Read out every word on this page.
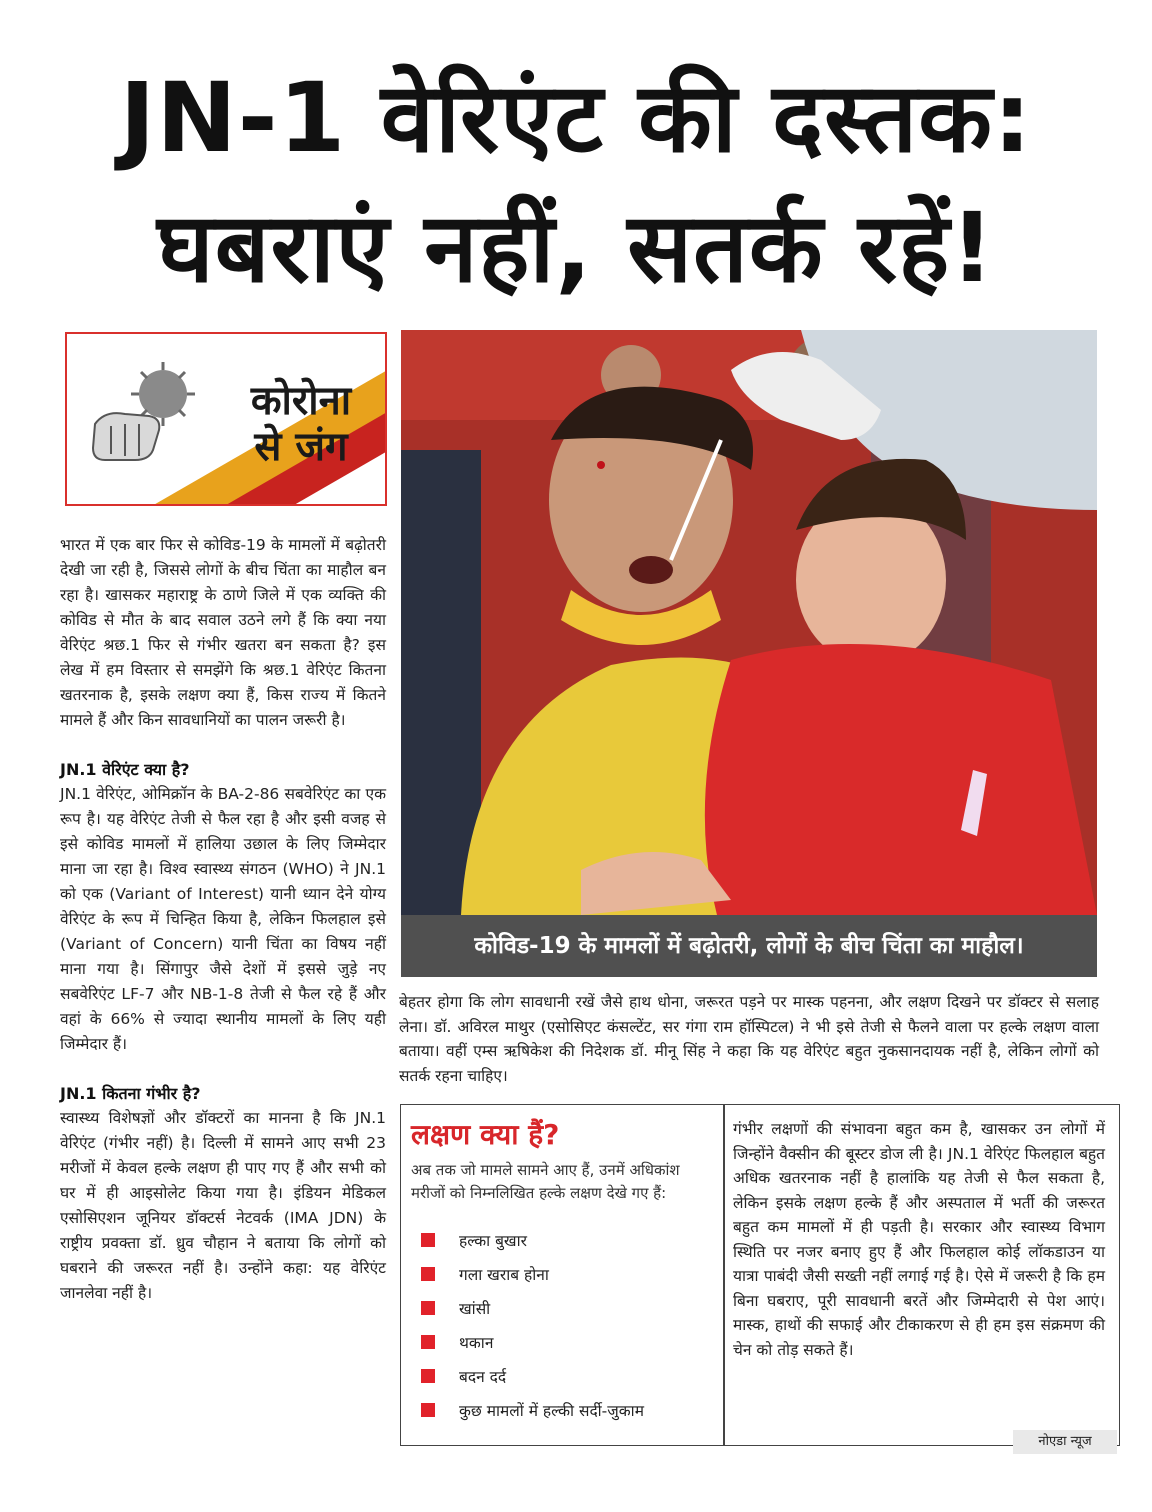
JN-1 वेरिएंट की दस्तक:
घबराएं नहीं, सतर्क रहें!
कोरोना
से जंग

भारत में एक बार फिर से कोविड-19 के मामलों में बढ़ोतरी देखी जा रही है, जिससे लोगों के बीच चिंता का माहौल बन रहा है। खासकर महाराष्ट्र के ठाणे जिले में एक व्यक्ति की कोविड से मौत के बाद सवाल उठने लगे हैं कि क्या नया वेरिएंट श्रछ.1 फिर से गंभीर खतरा बन सकता है? इस लेख में हम विस्तार से समझेंगे कि श्रछ.1 वेरिएंट कितना खतरनाक है, इसके लक्षण क्या हैं, किस राज्य में कितने मामले हैं और किन सावधानियों का पालन जरूरी है।

JN.1 वेरिएंट क्या है?

JN.1 वेरिएंट, ओमिक्रॉन के BA-2-86 सबवेरिएंट का एक रूप है। यह वेरिएंट तेजी से फैल रहा है और इसी वजह से इसे कोविड मामलों में हालिया उछाल के लिए जिम्मेदार माना जा रहा है। विश्व स्वास्थ्य संगठन (WHO) ने JN.1 को एक (Variant of Interest) यानी ध्यान देने योग्य वेरिएंट के रूप में चिन्हित किया है, लेकिन फिलहाल इसे (Variant of Concern) यानी चिंता का विषय नहीं माना गया है। सिंगापुर जैसे देशों में इससे जुड़े नए सबवेरिएंट LF-7 और NB-1-8 तेजी से फैल रहे हैं और वहां के 66% से ज्यादा स्थानीय मामलों के लिए यही जिम्मेदार हैं।

JN.1 कितना गंभीर है?

स्वास्थ्य विशेषज्ञों और डॉक्टरों का मानना है कि JN.1 वेरिएंट (गंभीर नहीं) है। दिल्ली में सामने आए सभी 23 मरीजों में केवल हल्के लक्षण ही पाए गए हैं और सभी को घर में ही आइसोलेट किया गया है। इंडियन मेडिकल एसोसिएशन जूनियर डॉक्टर्स नेटवर्क (IMA JDN) के राष्ट्रीय प्रवक्ता डॉ. ध्रुव चौहान ने बताया कि लोगों को घबराने की जरूरत नहीं है। उन्होंने कहा: यह वेरिएंट जानलेवा नहीं है।

कोविड-19 के मामलों में बढ़ोतरी, लोगों के बीच चिंता का माहौल।
बेहतर होगा कि लोग सावधानी रखें जैसे हाथ धोना, जरूरत पड़ने पर मास्क पहनना, और लक्षण दिखने पर डॉक्टर से सलाह लेना। डॉ. अविरल माथुर (एसोसिएट कंसल्टेंट, सर गंगा राम हॉस्पिटल) ने भी इसे तेजी से फैलने वाला पर हल्के लक्षण वाला बताया। वहीं एम्स ऋषिकेश की निदेशक डॉ. मीनू सिंह ने कहा कि यह वेरिएंट बहुत नुकसानदायक नहीं है, लेकिन लोगों को सतर्क रहना चाहिए।
लक्षण क्या हैं?
अब तक जो मामले सामने आए हैं, उनमें अधिकांश मरीजों को निम्नलिखित हल्के लक्षण देखे गए हैं:
हल्का बुखार
गला खराब होना
खांसी
थकान
बदन दर्द
कुछ मामलों में हल्की सर्दी-जुकाम
गंभीर लक्षणों की संभावना बहुत कम है, खासकर उन लोगों में जिन्होंने वैक्सीन की बूस्टर डोज ली है। JN.1 वेरिएंट फिलहाल बहुत अधिक खतरनाक नहीं है हालांकि यह तेजी से फैल सकता है, लेकिन इसके लक्षण हल्के हैं और अस्पताल में भर्ती की जरूरत बहुत कम मामलों में ही पड़ती है। सरकार और स्वास्थ्य विभाग स्थिति पर नजर बनाए हुए हैं और फिलहाल कोई लॉकडाउन या यात्रा पाबंदी जैसी सख्ती नहीं लगाई गई है। ऐसे में जरूरी है कि हम बिना घबराए, पूरी सावधानी बरतें और जिम्मेदारी से पेश आएं। मास्क, हाथों की सफाई और टीकाकरण से ही हम इस संक्रमण की चेन को तोड़ सकते हैं।
नोएडा न्यूज
